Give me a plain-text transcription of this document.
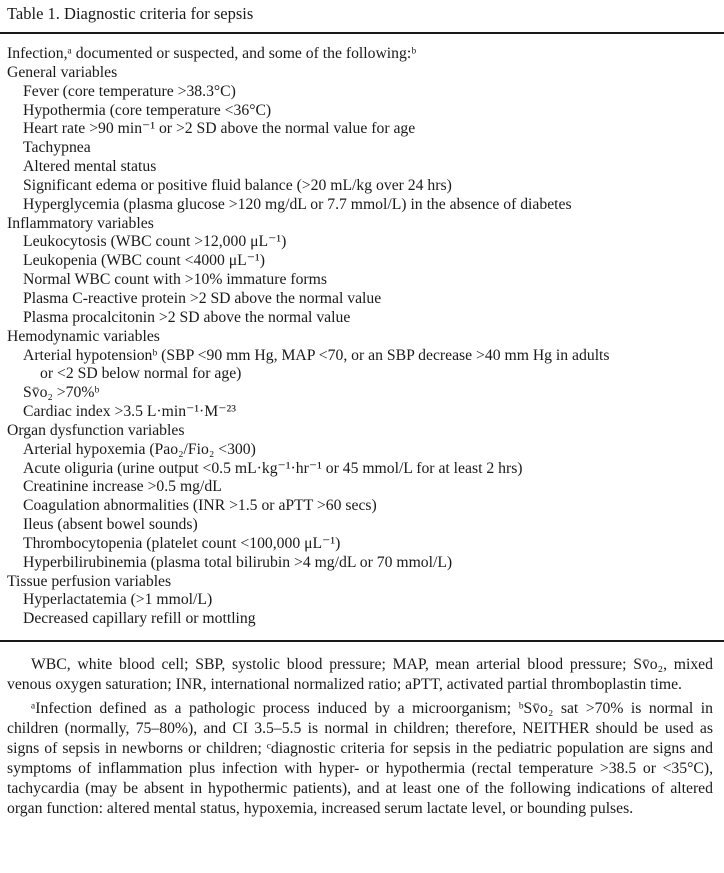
Table 1. Diagnostic criteria for sepsis
Infection,ᵃ documented or suspected, and some of the following:ᵇ
General variables
Fever (core temperature >38.3°C)
Hypothermia (core temperature <36°C)
Heart rate >90 min⁻¹ or >2 SD above the normal value for age
Tachypnea
Altered mental status
Significant edema or positive fluid balance (>20 mL/kg over 24 hrs)
Hyperglycemia (plasma glucose >120 mg/dL or 7.7 mmol/L) in the absence of diabetes
Inflammatory variables
Leukocytosis (WBC count >12,000 μL⁻¹)
Leukopenia (WBC count <4000 μL⁻¹)
Normal WBC count with >10% immature forms
Plasma C-reactive protein >2 SD above the normal value
Plasma procalcitonin >2 SD above the normal value
Hemodynamic variables
Arterial hypotensionᵇ (SBP <90 mm Hg, MAP <70, or an SBP decrease >40 mm Hg in adults
or <2 SD below normal for age)
Sv̄o₂ >70%ᵇ
Cardiac index >3.5 L·min⁻¹·M⁻²³
Organ dysfunction variables
Arterial hypoxemia (Pao₂/Fio₂ <300)
Acute oliguria (urine output <0.5 mL·kg⁻¹·hr⁻¹ or 45 mmol/L for at least 2 hrs)
Creatinine increase >0.5 mg/dL
Coagulation abnormalities (INR >1.5 or aPTT >60 secs)
Ileus (absent bowel sounds)
Thrombocytopenia (platelet count <100,000 μL⁻¹)
Hyperbilirubinemia (plasma total bilirubin >4 mg/dL or 70 mmol/L)
Tissue perfusion variables
Hyperlactatemia (>1 mmol/L)
Decreased capillary refill or mottling

WBC, white blood cell; SBP, systolic blood pressure; MAP, mean arterial blood pressure; Sv̄o₂, mixed venous oxygen saturation; INR, international normalized ratio; aPTT, activated partial thromboplastin time.

ᵃInfection defined as a pathologic process induced by a microorganism; ᵇSv̄o₂ sat >70% is normal in children (normally, 75–80%), and CI 3.5–5.5 is normal in children; therefore, NEITHER should be used as signs of sepsis in newborns or children; ᶜdiagnostic criteria for sepsis in the pediatric population are signs and symptoms of inflammation plus infection with hyper- or hypothermia (rectal temperature >38.5 or <35°C), tachycardia (may be absent in hypothermic patients), and at least one of the following indications of altered organ function: altered mental status, hypoxemia, increased serum lactate level, or bounding pulses.
